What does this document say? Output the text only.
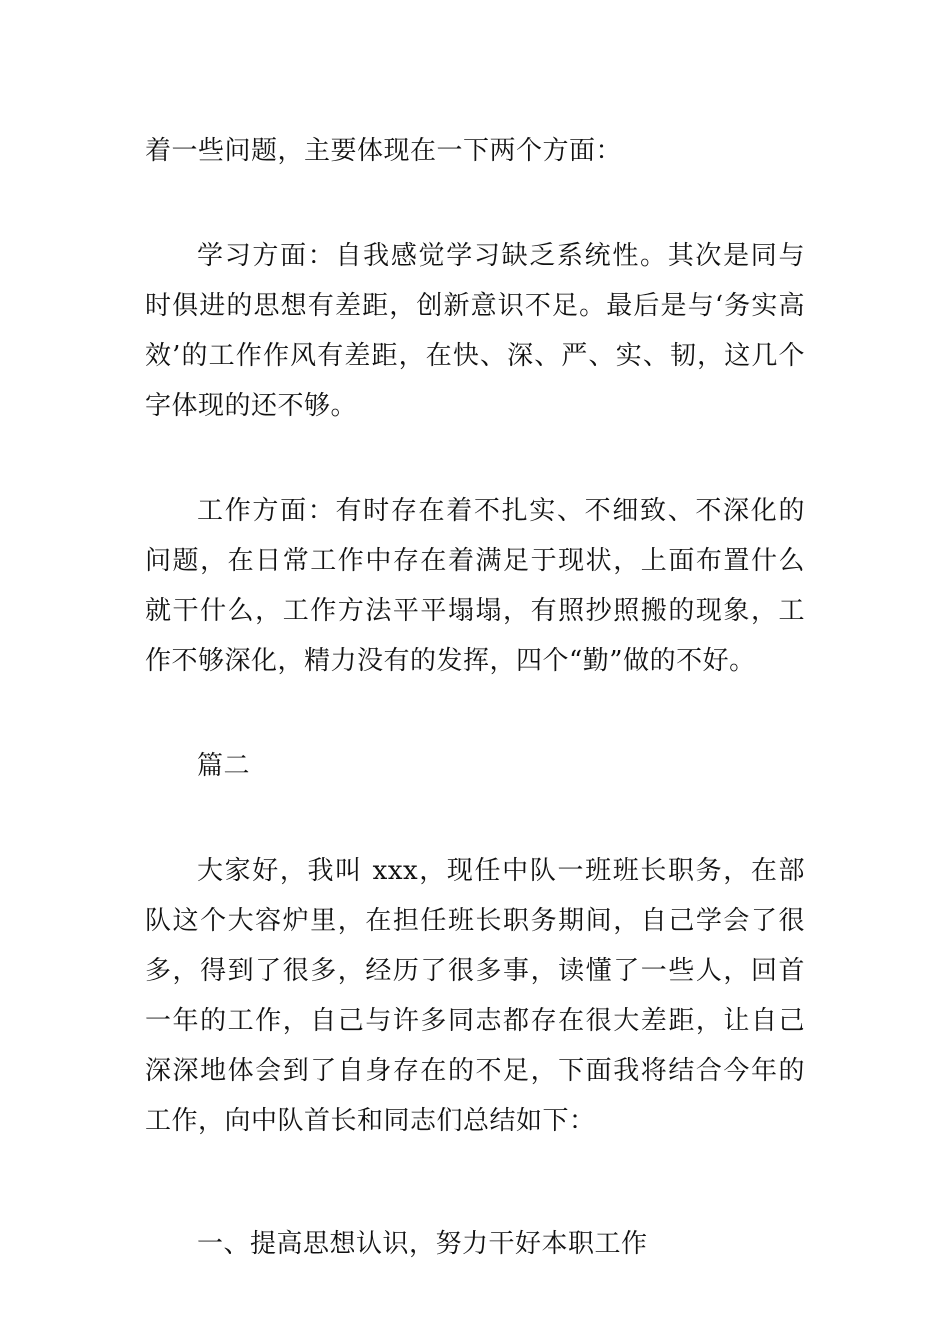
着一些问题，主要体现在一下两个方面：

学习方面：自我感觉学习缺乏系统性。其次是同与时俱进的思想有差距，创新意识不足。最后是与‘务实高效’的工作作风有差距，在快、深、严、实、韧，这几个字体现的还不够。

工作方面：有时存在着不扎实、不细致、不深化的问题，在日常工作中存在着满足于现状，上面布置什么就干什么，工作方法平平塌塌，有照抄照搬的现象，工作不够深化，精力没有的发挥，四个“勤”做的不好。

篇二

大家好，我叫 xxx，现任中队一班班长职务，在部队这个大容炉里，在担任班长职务期间，自己学会了很多，得到了很多，经历了很多事，读懂了一些人，回首一年的工作，自己与许多同志都存在很大差距，让自己深深地体会到了自身存在的不足，下面我将结合今年的工作，向中队首长和同志们总结如下：

一、提高思想认识，努力干好本职工作
